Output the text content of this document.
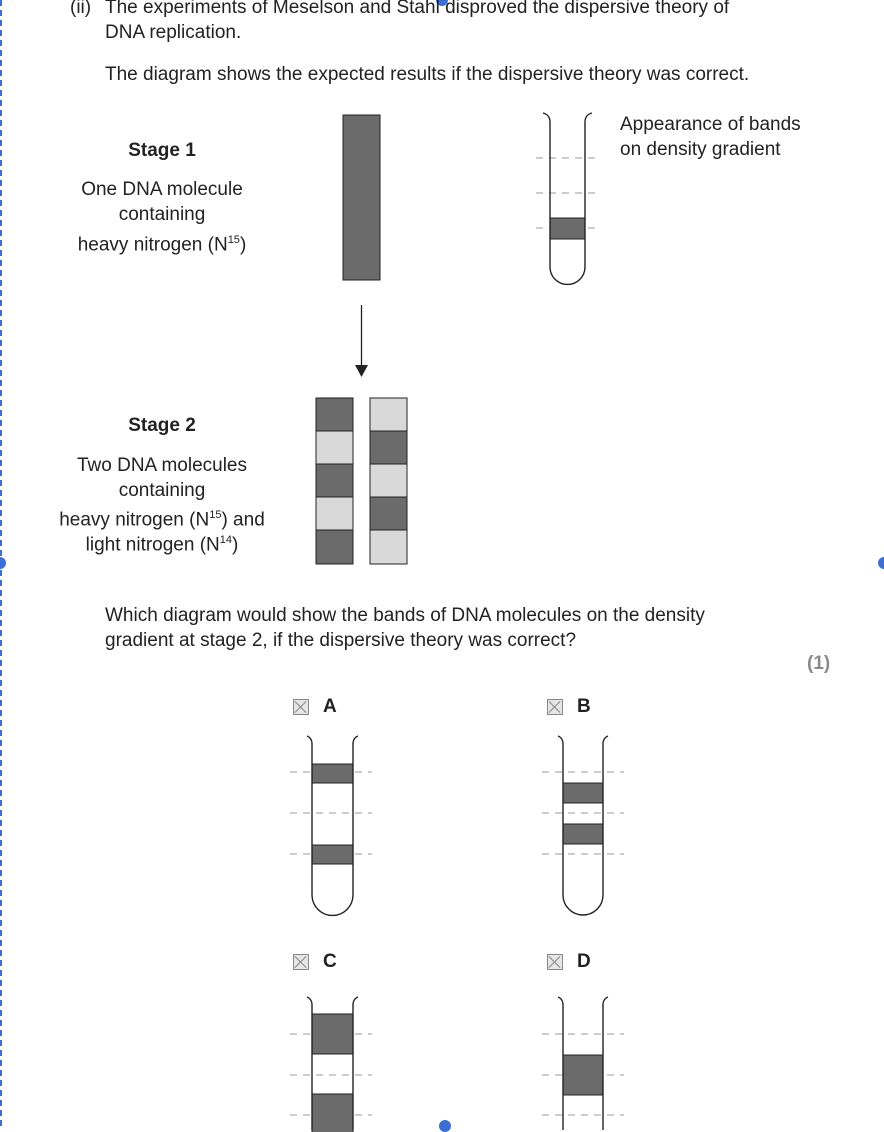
(ii) The experiments of Meselson and Stahl disproved the dispersive theory of
DNA replication.
The diagram shows the expected results if the dispersive theory was correct.
Stage 1
One DNA molecule
containing
heavy nitrogen $(N^{15})$
Appearance of bands
on density gradient
Stage 2
Two DNA molecules
containing
heavy nitrogen $(N^{15})$ and
light nitrogen $(N^{14})$
Which diagram would show the bands of DNA molecules on the density
gradient at stage 2, if the dispersive theory was correct?
(1)
A	B
C	D
